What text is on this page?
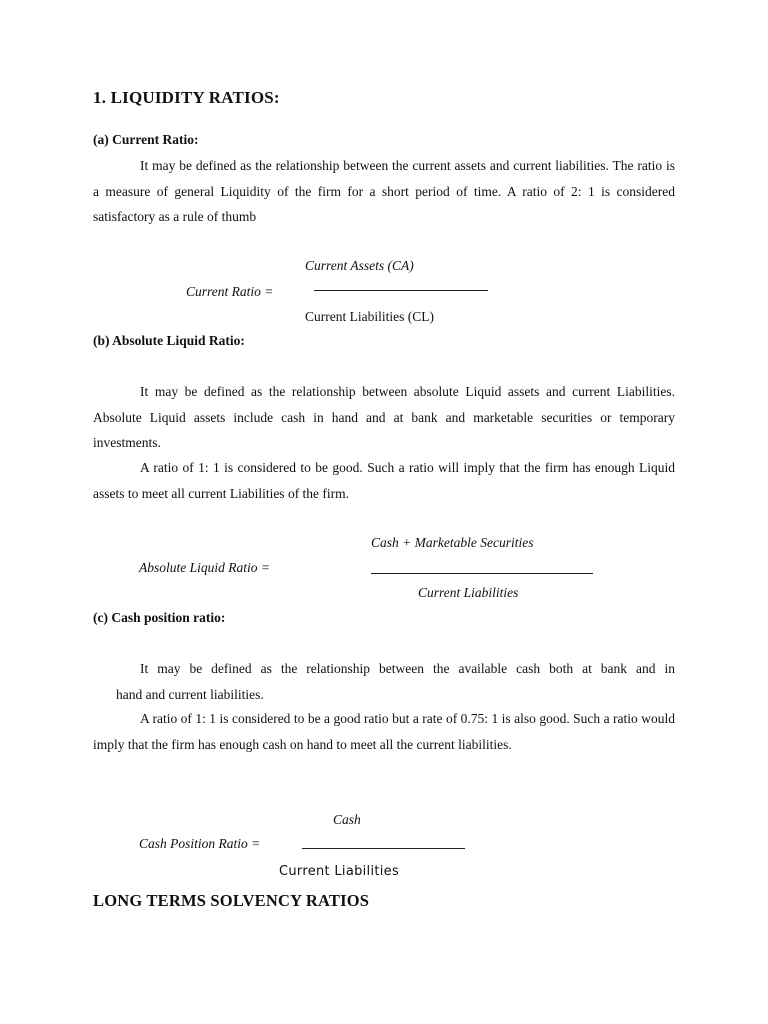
1. LIQUIDITY RATIOS:
(a) Current Ratio:
It may be defined as the relationship between the current assets and current liabilities. The ratio is a measure of general Liquidity of the firm for a short period of time. A ratio of 2: 1 is considered satisfactory as a rule of thumb
Current Assets (CA)
Current Ratio =
Current Liabilities (CL)
(b) Absolute Liquid Ratio:
It may be defined as the relationship between absolute Liquid assets and current Liabilities. Absolute Liquid assets include cash in hand and at bank and marketable securities or temporary investments.
A ratio of 1: 1 is considered to be good. Such a ratio will imply that the firm has enough Liquid assets to meet all current Liabilities of the firm.
Cash + Marketable Securities
Absolute Liquid Ratio =
Current Liabilities
(c) Cash position ratio:
It may be defined as the relationship between the available cash both at bank and in
hand and current liabilities.
A ratio of 1: 1 is considered to be a good ratio but a rate of 0.75: 1 is also good. Such a ratio would imply that the firm has enough cash on hand to meet all the current liabilities.
Cash
Cash Position Ratio =
Current Liabilities
LONG TERMS SOLVENCY RATIOS
